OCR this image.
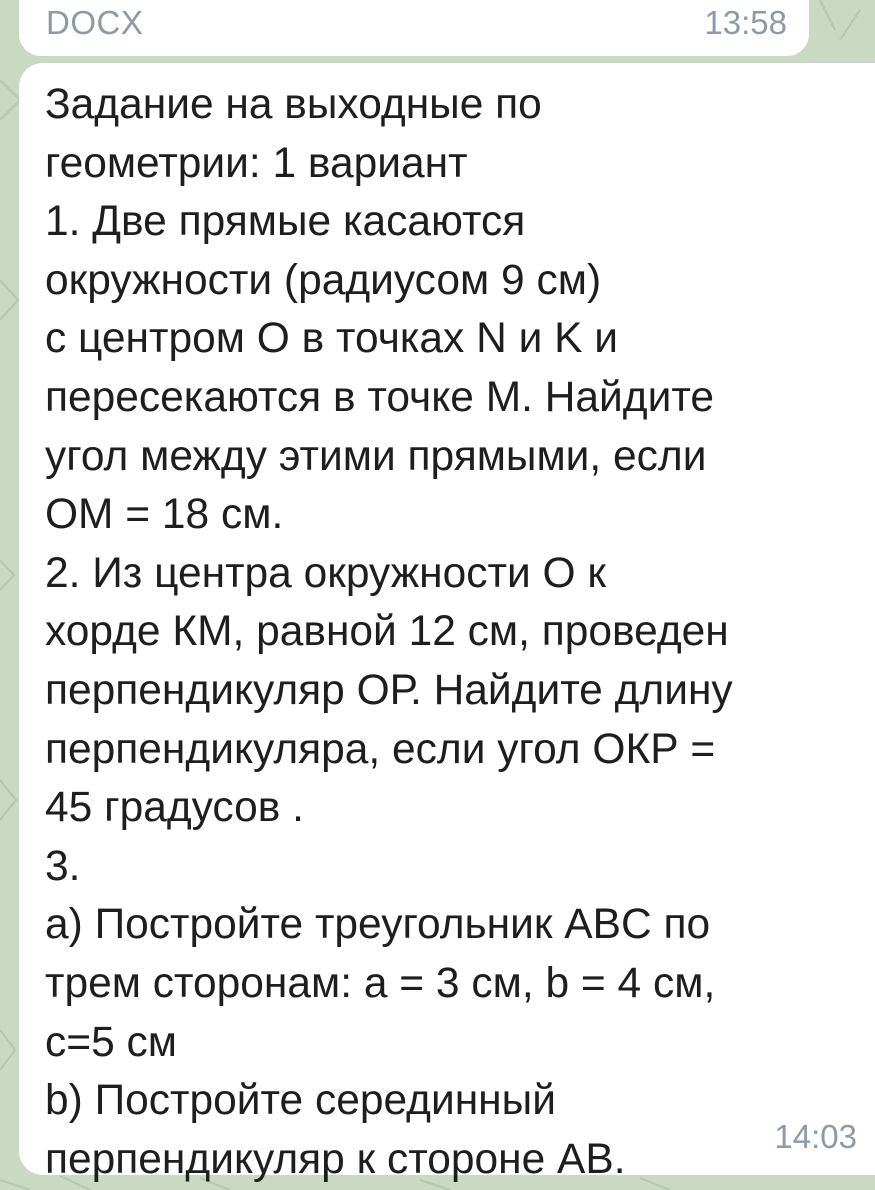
DOCX	13:58

Задание на выходные по
геометрии: 1 вариант
1. Две прямые касаются
окружности (радиусом 9 см)
с центром О в точках N и K и
пересекаются в точке M. Найдите
угол между этими прямыми, если
ОМ = 18 см.
2. Из центра окружности О к
хорде КМ, равной 12 см, проведен
перпендикуляр ОР. Найдите длину
перпендикуляра, если угол ОКР =
45 градусов .
3.
a) Постройте треугольник ABC по
трем сторонам: a = 3 см, b = 4 см,
c=5 см
b) Постройте серединный
перпендикуляр к стороне AB.	14:03
